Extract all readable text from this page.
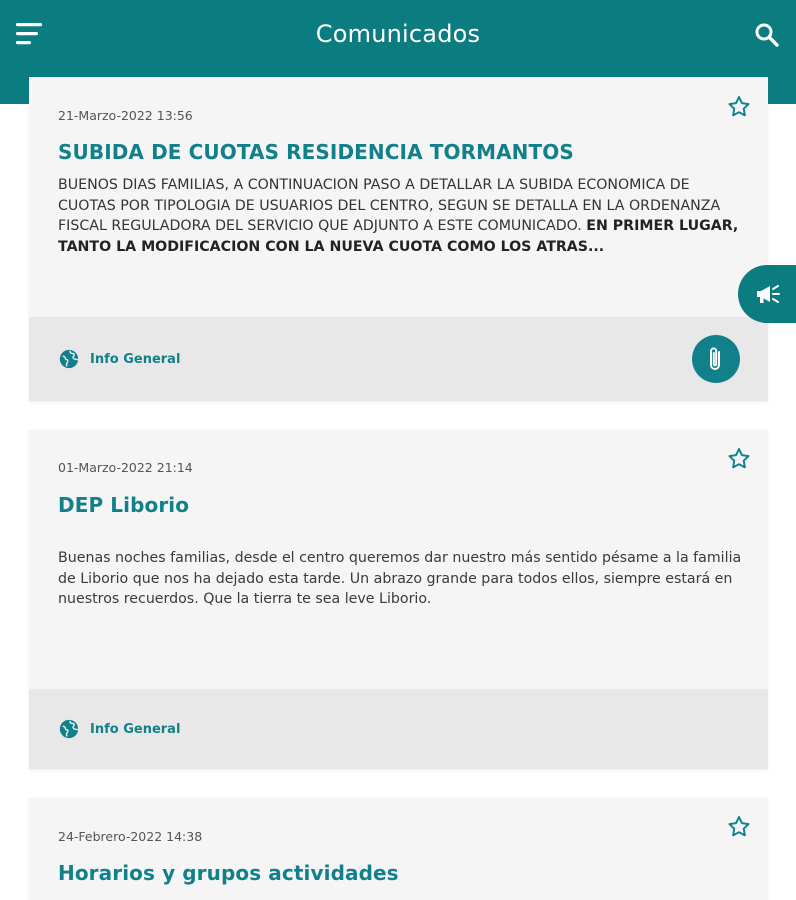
Comunicados
21-Marzo-2022 13:56
SUBIDA DE CUOTAS RESIDENCIA TORMANTOS
BUENOS DIAS FAMILIAS, A CONTINUACION PASO A DETALLAR LA SUBIDA ECONOMICA DE CUOTAS POR TIPOLOGIA DE USUARIOS DEL CENTRO, SEGUN SE DETALLA EN LA ORDENANZA FISCAL REGULADORA DEL SERVICIO QUE ADJUNTO A ESTE COMUNICADO. EN PRIMER LUGAR, TANTO LA MODIFICACION CON LA NUEVA CUOTA COMO LOS ATRAS...
Info General
01-Marzo-2022 21:14
DEP Liborio
Buenas noches familias, desde el centro queremos dar nuestro más sentido pésame a la familia de Liborio que nos ha dejado esta tarde. Un abrazo grande para todos ellos, siempre estará en nuestros recuerdos. Que la tierra te sea leve Liborio.
Info General
24-Febrero-2022 14:38
Horarios y grupos actividades
